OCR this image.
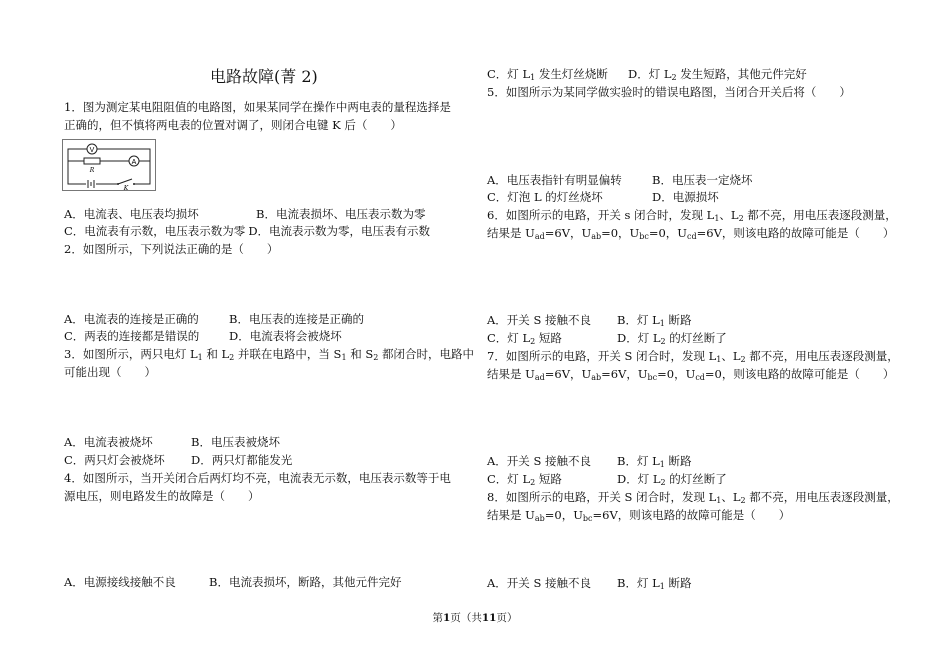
电路故障(菁 2)
1．图为测定某电阻阻值的电路图，如果某同学在操作中两电表的量程选择是
正确的，但不慎将两电表的位置对调了，则闭合电键 K 后（　　）
V
A
R
K
A．电流表、电压表均损坏	B．电流表损坏、电压表示数为零
C．电流表有示数，电压表示数为零 D．电流表示数为零，电压表有示数
2．如图所示，下列说法正确的是（　　）
A．电流表的连接是正确的	B．电压表的连接是正确的
C．两表的连接都是错误的	D．电流表将会被烧坏
3．如图所示，两只电灯 $L_1$ 和 $L_2$ 并联在电路中，当 $S_1$ 和 $S_2$ 都闭合时，电路中
可能出现（　　）
A．电流表被烧坏	B．电压表被烧坏
C．两只灯会被烧坏 D．两只灯都能发光
4．如图所示，当开关闭合后两灯均不亮，电流表无示数，电压表示数等于电
源电压，则电路发生的故障是（　　）
A．电源接线接触不良	B．电流表损坏，断路，其他元件完好
C．灯 $L_1$ 发生灯丝烧断 D．灯 $L_2$ 发生短路，其他元件完好
5．如图所示为某同学做实验时的错误电路图，当闭合开关后将（　　）
A．电压表指针有明显偏转	B．电压表一定烧坏
C．灯泡 L 的灯丝烧坏	D．电源损坏
6．如图所示的电路，开关 s 闭合时，发现 $L_1$、$L_2$ 都不亮，用电压表逐段测量，
结果是 $U_{ad}=6V$，$U_{ab}=0$，$U_{bc}=0$，$U_{cd}=6V$，则该电路的故障可能是（　　）
A．开关 S 接触不良 B．灯 $L_1$ 断路
C．灯 $L_2$ 短路	D．灯 $L_2$ 的灯丝断了
7．如图所示的电路，开关 S 闭合时，发现 $L_1$、$L_2$ 都不亮，用电压表逐段测量，
结果是 $U_{ad}=6V$，$U_{ab}=6V$，$U_{bc}=0$，$U_{cd}=0$，则该电路的故障可能是（　　）
A．开关 S 接触不良 B．灯 $L_1$ 断路
C．灯 $L_2$ 短路	D．灯 $L_2$ 的灯丝断了
8．如图所示的电路，开关 S 闭合时，发现 $L_1$、$L_2$ 都不亮，用电压表逐段测量，
结果是 $U_{ab}=0$，$U_{bc}=6V$，则该电路的故障可能是（　　）
A．开关 S 接触不良 B．灯 $L_1$ 断路
第1页（共11页）
